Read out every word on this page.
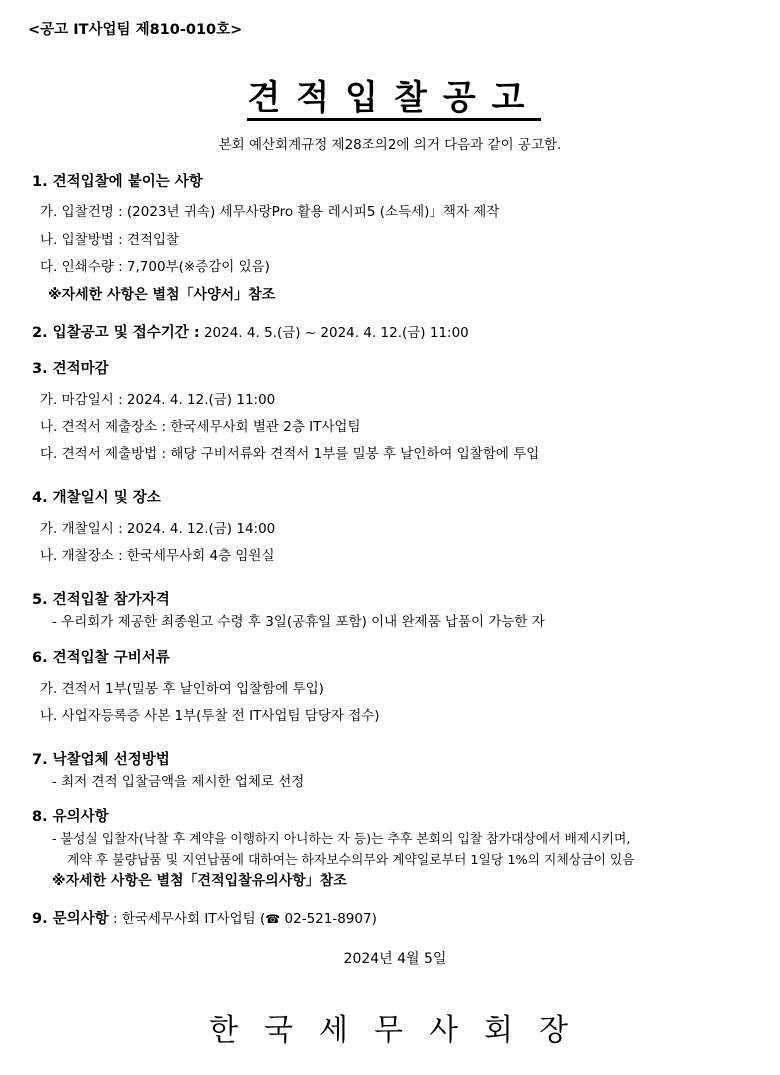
<공고 IT사업팀 제810-010호>
견적입찰공고
본회 예산회계규정 제28조의2에 의거 다음과 같이 공고함.
1. 견적입찰에 붙이는 사항
가. 입찰건명 : (2023년 귀속) 세무사랑Pro 활용 레시피5 (소득세)」책자 제작
나. 입찰방법 : 견적입찰
다. 인쇄수량 : 7,700부(※증감이 있음)
※자세한 사항은 별첨「사양서」참조
2. 입찰공고 및 접수기간 : 2024. 4. 5.(금) ~ 2024. 4. 12.(금) 11:00
3. 견적마감
가. 마감일시 : 2024. 4. 12.(금) 11:00
나. 견적서 제출장소 : 한국세무사회 별관 2층 IT사업팀
다. 견적서 제출방법 : 해당 구비서류와 견적서 1부를 밀봉 후 날인하여 입찰함에 투입
4. 개찰일시 및 장소
가. 개찰일시 : 2024. 4. 12.(금) 14:00
나. 개찰장소 : 한국세무사회 4층 임원실
5. 견적입찰 참가자격
- 우리회가 제공한 최종원고 수령 후 3일(공휴일 포함) 이내 완제품 납품이 가능한 자
6. 견적입찰 구비서류
가. 견적서 1부(밀봉 후 날인하여 입찰함에 투입)
나. 사업자등록증 사본 1부(투찰 전 IT사업팀 담당자 접수)
7. 낙찰업체 선정방법
- 최저 견적 입찰금액을 제시한 업체로 선정
8. 유의사항
- 불성실 입찰자(낙찰 후 계약을 이행하지 아니하는 자 등)는 추후 본회의 입찰 참가대상에서 배제시키며,
계약 후 불량납품 및 지연납품에 대하여는 하자보수의무와 계약일로부터 1일당 1%의 지체상금이 있음
※자세한 사항은 별첨「견적입찰유의사항」참조
9. 문의사항 : 한국세무사회 IT사업팀 (☎ 02-521-8907)
2024년 4월 5일
한국세무사회장
